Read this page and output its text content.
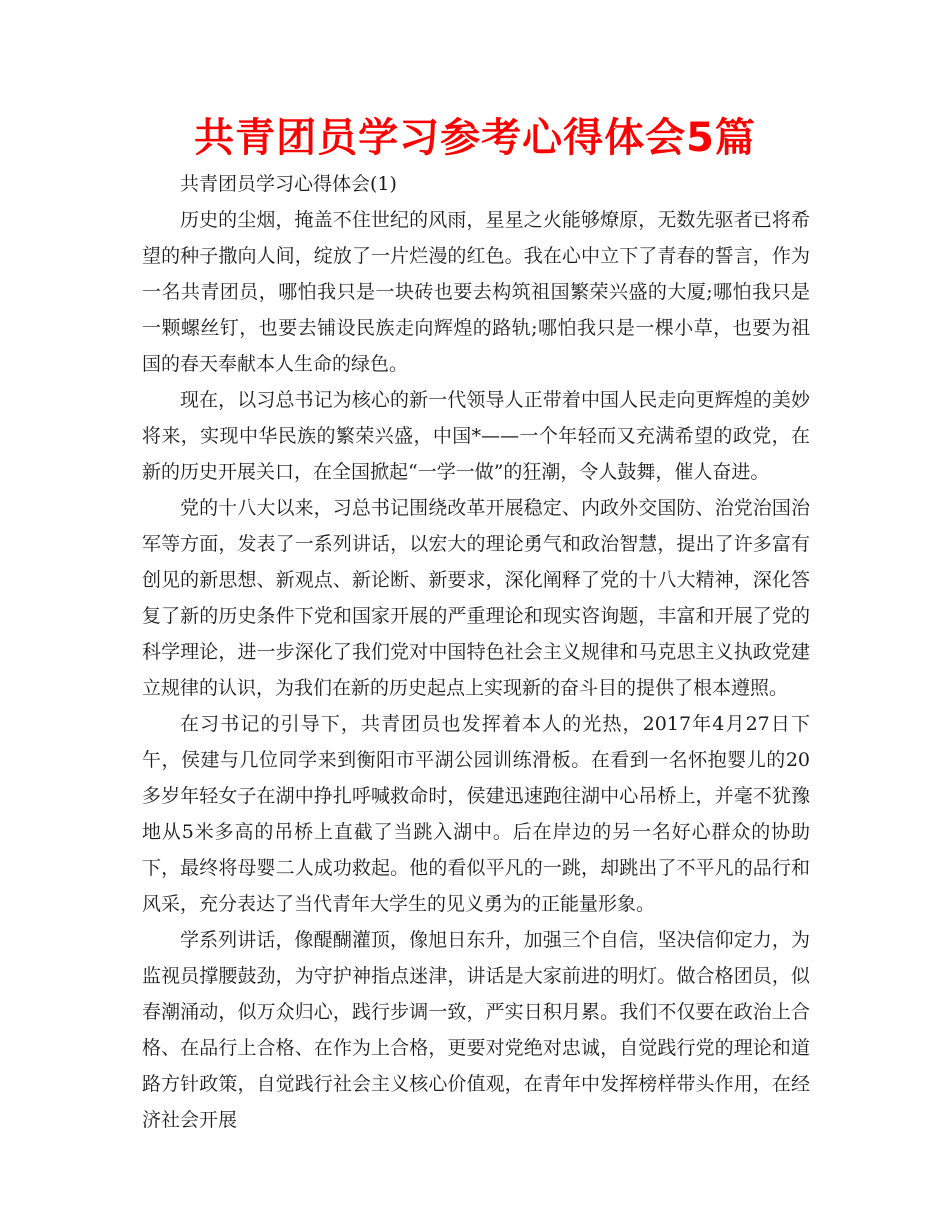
共青团员学习参考心得体会5篇

共青团员学习心得体会(1)

历史的尘烟，掩盖不住世纪的风雨，星星之火能够燎原，无数先驱者已将希望的种子撒向人间，绽放了一片烂漫的红色。我在心中立下了青春的誓言，作为一名共青团员，哪怕我只是一块砖也要去构筑祖国繁荣兴盛的大厦;哪怕我只是一颗螺丝钉，也要去铺设民族走向辉煌的路轨;哪怕我只是一棵小草，也要为祖国的春天奉献本人生命的绿色。

现在，以习总书记为核心的新一代领导人正带着中国人民走向更辉煌的美妙将来，实现中华民族的繁荣兴盛，中国*——一个年轻而又充满希望的政党，在新的历史开展关口，在全国掀起“一学一做”的狂潮，令人鼓舞，催人奋进。

党的十八大以来，习总书记围绕改革开展稳定、内政外交国防、治党治国治军等方面，发表了一系列讲话，以宏大的理论勇气和政治智慧，提出了许多富有创见的新思想、新观点、新论断、新要求，深化阐释了党的十八大精神，深化答复了新的历史条件下党和国家开展的严重理论和现实咨询题，丰富和开展了党的科学理论，进一步深化了我们党对中国特色社会主义规律和马克思主义执政党建立规律的认识，为我们在新的历史起点上实现新的奋斗目的提供了根本遵照。

在习书记的引导下，共青团员也发挥着本人的光热，2017年4月27日下午，侯建与几位同学来到衡阳市平湖公园训练滑板。在看到一名怀抱婴儿的20多岁年轻女子在湖中挣扎呼喊救命时，侯建迅速跑往湖中心吊桥上，并毫不犹豫地从5米多高的吊桥上直截了当跳入湖中。后在岸边的另一名好心群众的协助下，最终将母婴二人成功救起。他的看似平凡的一跳，却跳出了不平凡的品行和风采，充分表达了当代青年大学生的见义勇为的正能量形象。

学系列讲话，像醍醐灌顶，像旭日东升，加强三个自信，坚决信仰定力，为监视员撑腰鼓劲，为守护神指点迷津，讲话是大家前进的明灯。做合格团员，似春潮涌动，似万众归心，践行步调一致，严实日积月累。我们不仅要在政治上合格、在品行上合格、在作为上合格，更要对党绝对忠诚，自觉践行党的理论和道路方针政策，自觉践行社会主义核心价值观，在青年中发挥榜样带头作用，在经济社会开展
